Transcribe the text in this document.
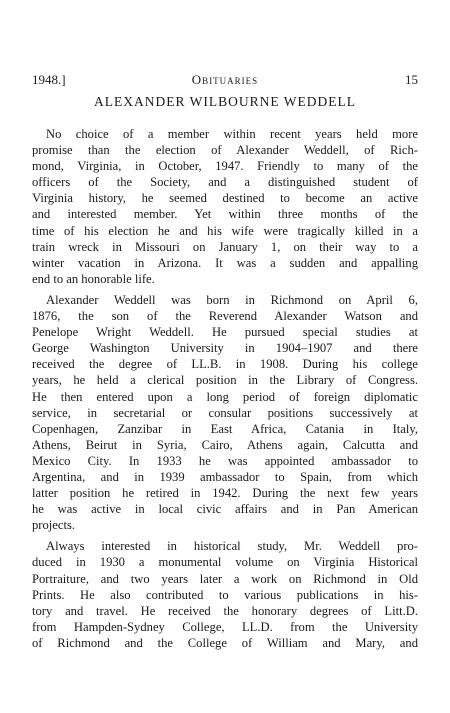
1948.]	Obituaries	15
ALEXANDER WILBOURNE WEDDELL

No choice of a member within recent years held more
promise than the election of Alexander Weddell, of Rich-
mond, Virginia, in October, 1947. Friendly to many of the
officers of the Society, and a distinguished student of
Virginia history, he seemed destined to become an active
and interested member. Yet within three months of the
time of his election he and his wife were tragically killed in a
train wreck in Missouri on January 1, on their way to a
winter vacation in Arizona. It was a sudden and appalling
end to an honorable life.

Alexander Weddell was born in Richmond on April 6,
1876, the son of the Reverend Alexander Watson and
Penelope Wright Weddell. He pursued special studies at
George Washington University in 1904–1907 and there
received the degree of LL.B. in 1908. During his college
years, he held a clerical position in the Library of Congress.
He then entered upon a long period of foreign diplomatic
service, in secretarial or consular positions successively at
Copenhagen, Zanzibar in East Africa, Catania in Italy,
Athens, Beirut in Syria, Cairo, Athens again, Calcutta and
Mexico City. In 1933 he was appointed ambassador to
Argentina, and in 1939 ambassador to Spain, from which
latter position he retired in 1942. During the next few years
he was active in local civic affairs and in Pan American
projects.

Always interested in historical study, Mr. Weddell pro-
duced in 1930 a monumental volume on Virginia Historical
Portraiture, and two years later a work on Richmond in Old
Prints. He also contributed to various publications in his-
tory and travel. He received the honorary degrees of Litt.D.
from Hampden-Sydney College, LL.D. from the University
of Richmond and the College of William and Mary, and
